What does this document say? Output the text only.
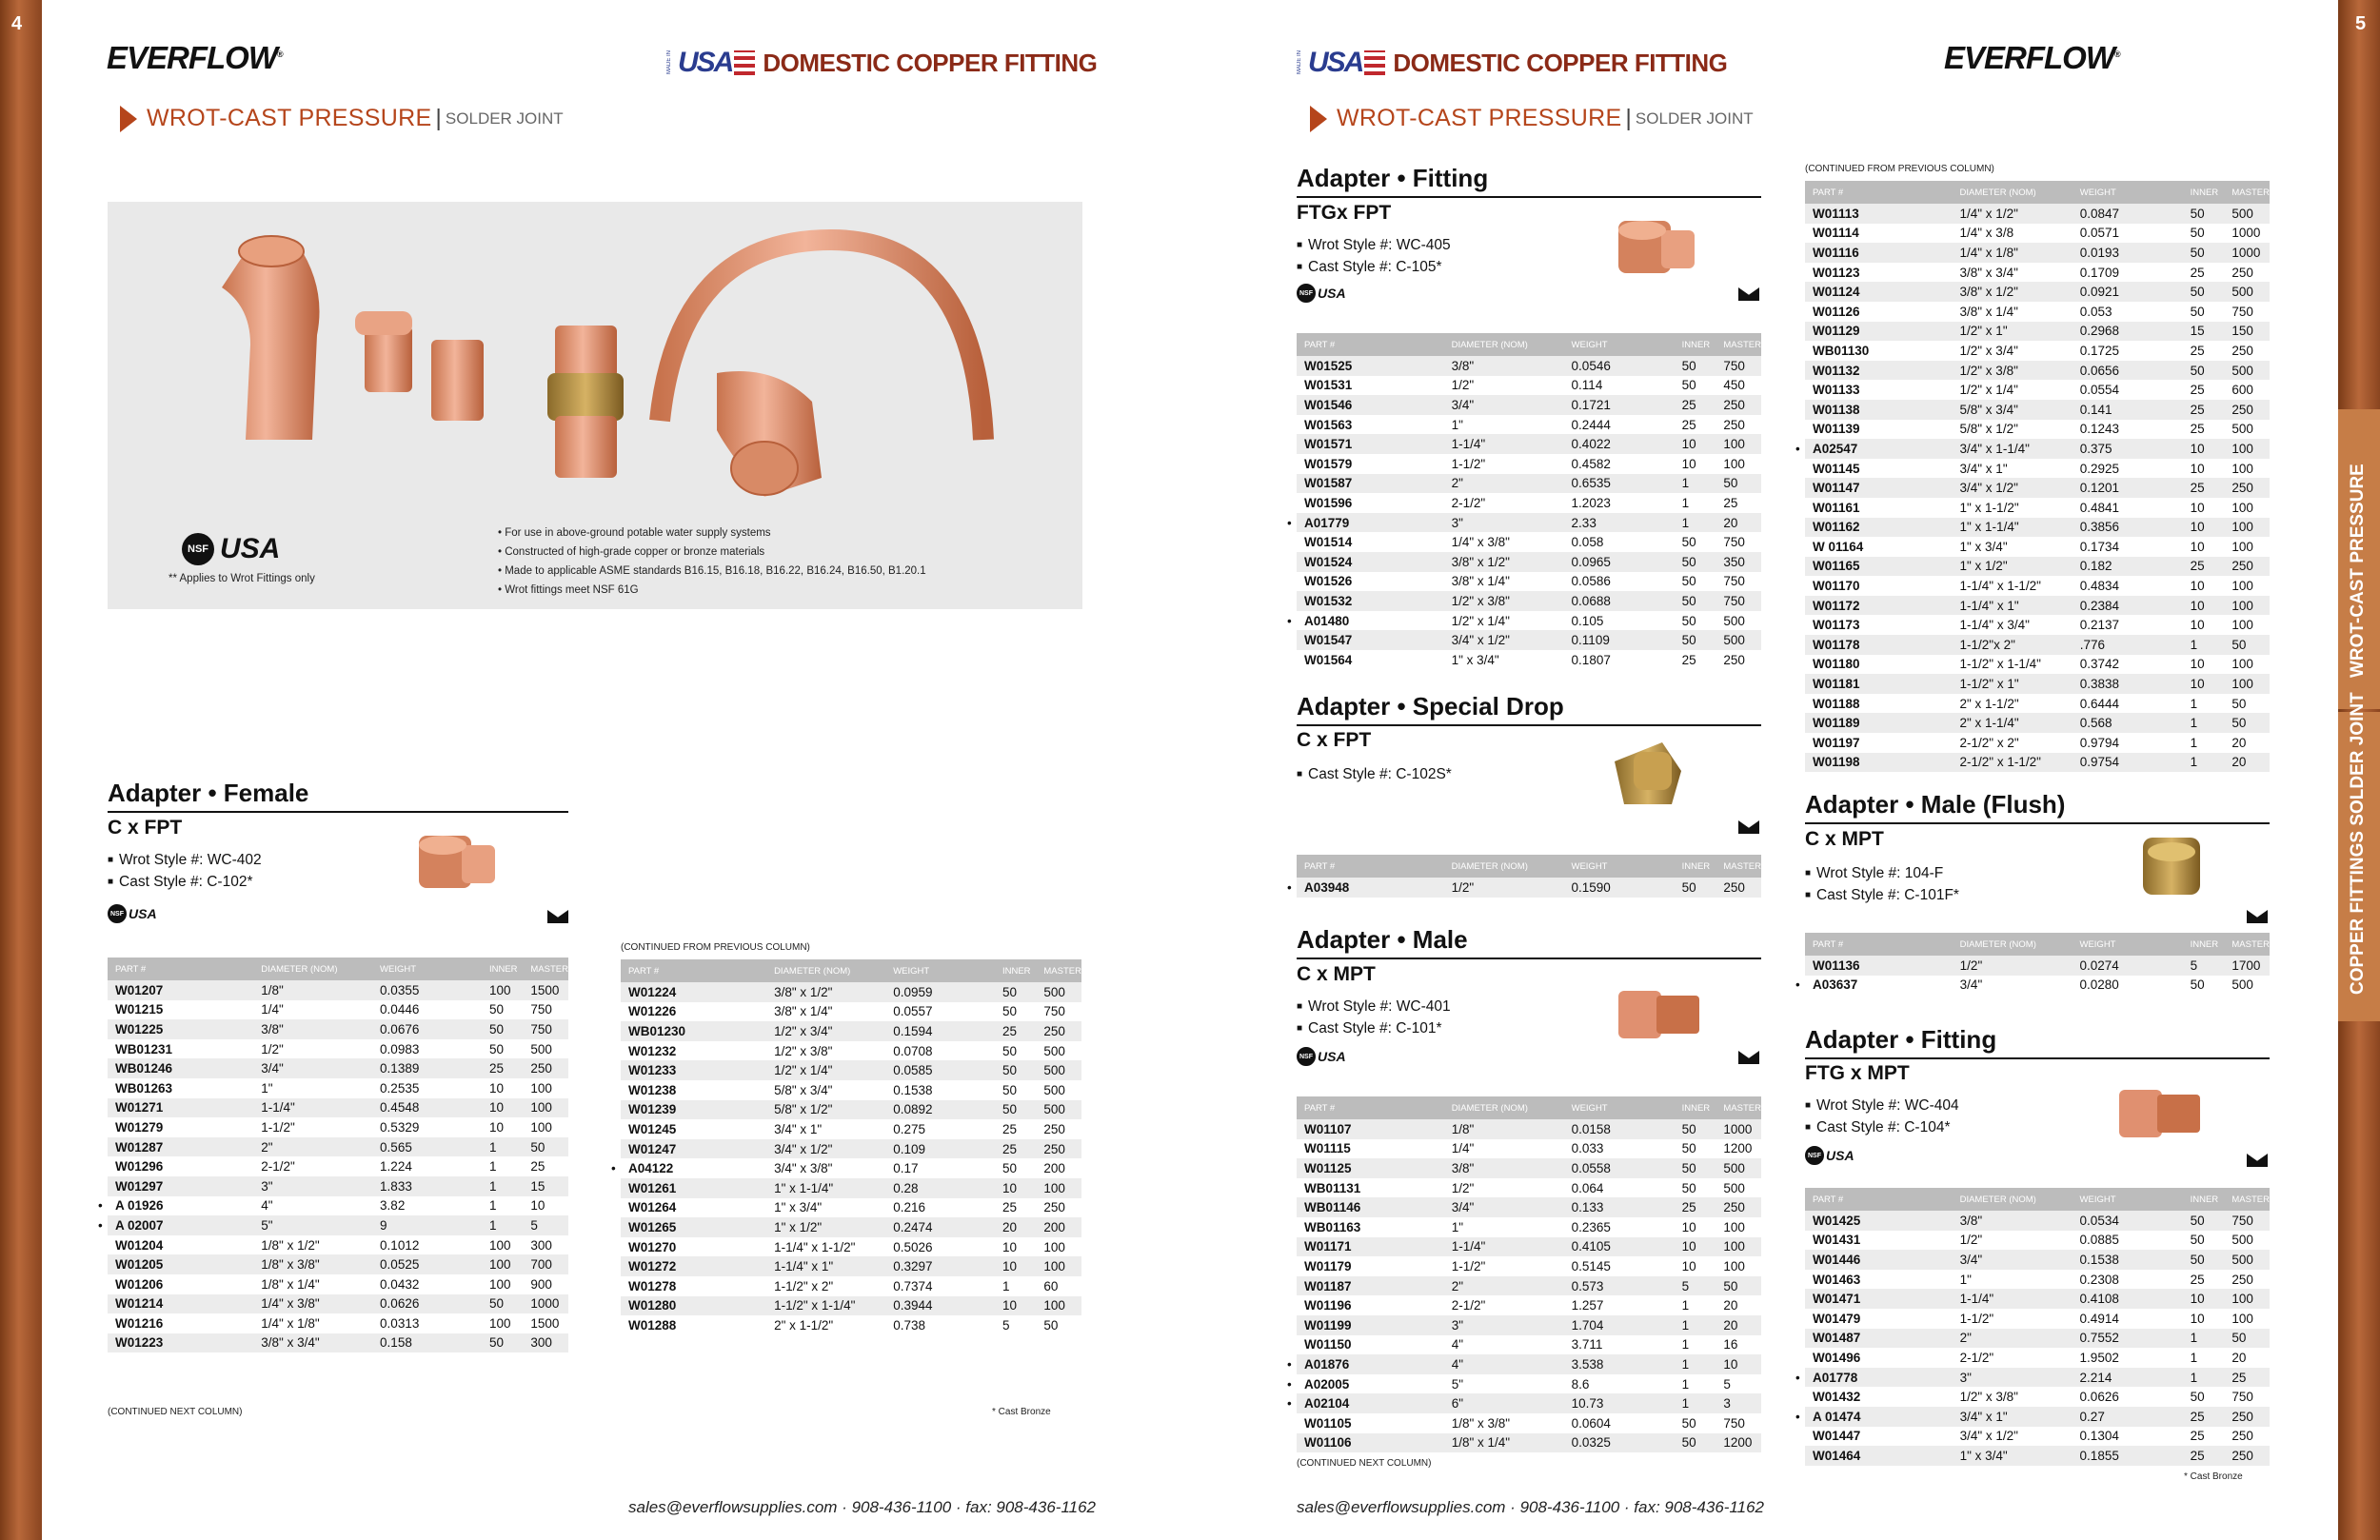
4
EVERFLOW®	MADE IN USA DOMESTIC COPPER FITTING
WROT-CAST PRESSURE | SOLDER JOINT
NSF USA
** Applies to Wrot Fittings only
• For use in above-ground potable water supply systems
• Constructed of high-grade copper or bronze materials
• Made to applicable ASME standards B16.15, B16.18, B16.22, B16.24, B16.50, B1.20.1
• Wrot fittings meet NSF 61G
Adapter • Female
C x FPT
■ Wrot Style #: WC-402
■ Cast Style #: C-102*
NSF USA
PART #	DIAMETER (NOM)	WEIGHT	INNER	MASTER
W01207	1/8"	0.0355	100	1500
W01215	1/4"	0.0446	50	750
W01225	3/8"	0.0676	50	750
WB01231	1/2"	0.0983	50	500
WB01246	3/4"	0.1389	25	250
WB01263	1"	0.2535	10	100
W01271	1-1/4"	0.4548	10	100
W01279	1-1/2"	0.5329	10	100
W01287	2"	0.565	1	50
W01296	2-1/2"	1.224	1	25
W01297	3"	1.833	1	15
• A 01926	4"	3.82	1	10
• A 02007	5"	9	1	5
W01204	1/8" x 1/2"	0.1012	100	300
W01205	1/8" x 3/8"	0.0525	100	700
W01206	1/8" x 1/4"	0.0432	100	900
W01214	1/4" x 3/8"	0.0626	50	1000
W01216	1/4" x 1/8"	0.0313	100	1500
W01223	3/8" x 3/4"	0.158	50	300
(CONTINUED NEXT COLUMN)
(CONTINUED FROM PREVIOUS COLUMN)
PART #	DIAMETER (NOM)	WEIGHT	INNER	MASTER
W01224	3/8" x 1/2"	0.0959	50	500
W01226	3/8" x 1/4"	0.0557	50	750
WB01230	1/2" x 3/4"	0.1594	25	250
W01232	1/2" x 3/8"	0.0708	50	500
W01233	1/2" x 1/4"	0.0585	50	500
W01238	5/8" x 3/4"	0.1538	50	500
W01239	5/8" x 1/2"	0.0892	50	500
W01245	3/4" x 1"	0.275	25	250
W01247	3/4" x 1/2"	0.109	25	250
• A04122	3/4" x 3/8"	0.17	50	200
W01261	1" x 1-1/4"	0.28	10	100
W01264	1" x 3/4"	0.216	25	250
W01265	1" x 1/2"	0.2474	20	200
W01270	1-1/4" x 1-1/2"	0.5026	10	100
W01272	1-1/4" x 1"	0.3297	10	100
W01278	1-1/2" x 2"	0.7374	1	60
W01280	1-1/2" x 1-1/4"	0.3944	10	100
W01288	2" x 1-1/2"	0.738	5	50
* Cast Bronze
sales@everflowsupplies.com · 908-436-1100 · fax: 908-436-1162
WROT-CAST PRESSURE
COPPER FITTINGS SOLDER JOINT
5
MADE IN USA DOMESTIC COPPER FITTING	EVERFLOW®
WROT-CAST PRESSURE | SOLDER JOINT
Adapter • Fitting
FTGx FPT
■ Wrot Style #: WC-405
■ Cast Style #: C-105*
NSF USA
PART #	DIAMETER (NOM)	WEIGHT	INNER	MASTER
W01525	3/8"	0.0546	50	750
W01531	1/2"	0.114	50	450
W01546	3/4"	0.1721	25	250
W01563	1"	0.2444	25	250
W01571	1-1/4"	0.4022	10	100
W01579	1-1/2"	0.4582	10	100
W01587	2"	0.6535	1	50
W01596	2-1/2"	1.2023	1	25
• A01779	3"	2.33	1	20
W01514	1/4" x 3/8"	0.058	50	750
W01524	3/8" x 1/2"	0.0965	50	350
W01526	3/8" x 1/4"	0.0586	50	750
W01532	1/2" x 3/8"	0.0688	50	750
• A01480	1/2" x 1/4"	0.105	50	500
W01547	3/4" x 1/2"	0.1109	50	500
W01564	1" x 3/4"	0.1807	25	250
Adapter • Special Drop
C x FPT
■ Cast Style #: C-102S*
PART #	DIAMETER (NOM)	WEIGHT	INNER	MASTER
• A03948	1/2"	0.1590	50	250
Adapter • Male
C x MPT
■ Wrot Style #: WC-401
■ Cast Style #: C-101*
NSF USA
PART #	DIAMETER (NOM)	WEIGHT	INNER	MASTER
W01107	1/8"	0.0158	50	1000
W01115	1/4"	0.033	50	1200
W01125	3/8"	0.0558	50	500
WB01131	1/2"	0.064	50	500
WB01146	3/4"	0.133	25	250
WB01163	1"	0.2365	10	100
W01171	1-1/4"	0.4105	10	100
W01179	1-1/2"	0.5145	10	100
W01187	2"	0.573	5	50
W01196	2-1/2"	1.257	1	20
W01199	3"	1.704	1	20
W01150	4"	3.711	1	16
• A01876	4"	3.538	1	10
• A02005	5"	8.6	1	5
• A02104	6"	10.73	1	3
W01105	1/8" x 3/8"	0.0604	50	750
W01106	1/8" x 1/4"	0.0325	50	1200
(CONTINUED NEXT COLUMN)
(CONTINUED FROM PREVIOUS COLUMN)
PART #	DIAMETER (NOM)	WEIGHT	INNER	MASTER
W01113	1/4" x 1/2"	0.0847	50	500
W01114	1/4" x 3/8	0.0571	50	1000
W01116	1/4" x 1/8"	0.0193	50	1000
W01123	3/8" x 3/4"	0.1709	25	250
W01124	3/8" x 1/2"	0.0921	50	500
W01126	3/8" x 1/4"	0.053	50	750
W01129	1/2" x 1"	0.2968	15	150
WB01130	1/2" x 3/4"	0.1725	25	250
W01132	1/2" x 3/8"	0.0656	50	500
W01133	1/2" x 1/4"	0.0554	25	600
W01138	5/8" x 3/4"	0.141	25	250
W01139	5/8" x 1/2"	0.1243	25	500
• A02547	3/4" x 1-1/4"	0.375	10	100
W01145	3/4" x 1"	0.2925	10	100
W01147	3/4" x 1/2"	0.1201	25	250
W01161	1" x 1-1/2"	0.4841	10	100
W01162	1" x 1-1/4"	0.3856	10	100
W 01164	1" x 3/4"	0.1734	10	100
W01165	1" x 1/2"	0.182	25	250
W01170	1-1/4" x 1-1/2"	0.4834	10	100
W01172	1-1/4" x 1"	0.2384	10	100
W01173	1-1/4" x 3/4"	0.2137	10	100
W01178	1-1/2"x 2"	.776	1	50
W01180	1-1/2" x 1-1/4"	0.3742	10	100
W01181	1-1/2" x 1"	0.3838	10	100
W01188	2" x 1-1/2"	0.6444	1	50
W01189	2" x 1-1/4"	0.568	1	50
W01197	2-1/2" x 2"	0.9794	1	20
W01198	2-1/2" x 1-1/2"	0.9754	1	20
Adapter • Male (Flush)
C x MPT
■ Wrot Style #: 104-F
■ Cast Style #: C-101F*
PART #	DIAMETER (NOM)	WEIGHT	INNER	MASTER
W01136	1/2"	0.0274	5	1700
• A03637	3/4"	0.0280	50	500
Adapter • Fitting
FTG x MPT
■ Wrot Style #: WC-404
■ Cast Style #: C-104*
NSF USA
PART #	DIAMETER (NOM)	WEIGHT	INNER	MASTER
W01425	3/8"	0.0534	50	750
W01431	1/2"	0.0885	50	500
W01446	3/4"	0.1538	50	500
W01463	1"	0.2308	25	250
W01471	1-1/4"	0.4108	10	100
W01479	1-1/2"	0.4914	10	100
W01487	2"	0.7552	1	50
W01496	2-1/2"	1.9502	1	20
• A01778	3"	2.214	1	25
W01432	1/2" x 3/8"	0.0626	50	750
• A 01474	3/4" x 1"	0.27	25	250
W01447	3/4" x 1/2"	0.1304	25	250
W01464	1" x 3/4"	0.1855	25	250
* Cast Bronze
sales@everflowsupplies.com · 908-436-1100 · fax: 908-436-1162
